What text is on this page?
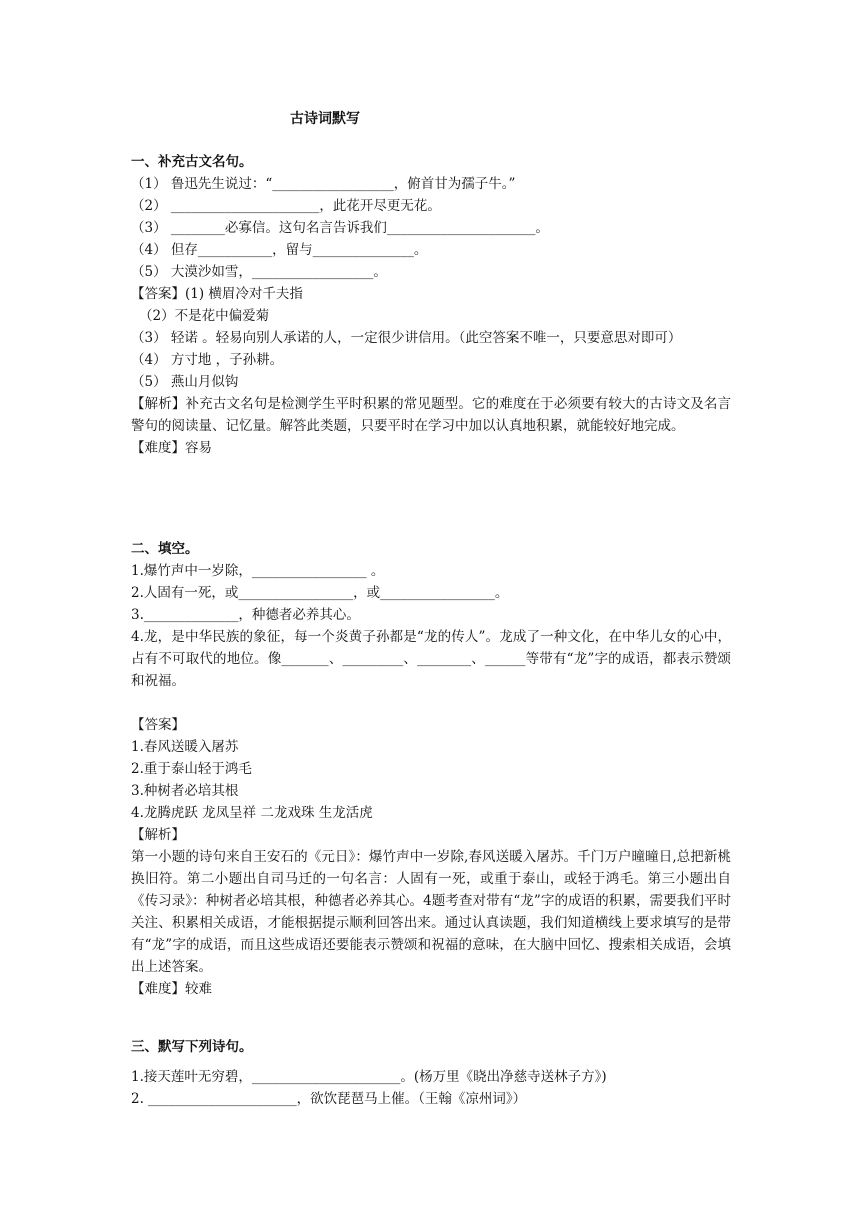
古诗词默写
一、补充古文名句。
（1） 鲁迅先生说过：“__________________，俯首甘为孺子牛。”
（2） ______________________，此花开尽更无花。
（3） ________必寡信。这句名言告诉我们______________________。
（4） 但存___________，留与_______________。
（5） 大漠沙如雪，__________________。
【答案】(1) 横眉冷对千夫指
（2）不是花中偏爱菊
（3） 轻诺 。轻易向别人承诺的人，一定很少讲信用。（此空答案不唯一，只要意思对即可）
（4） 方寸地 ，子孙耕。
（5） 燕山月似钩
【解析】补充古文名句是检测学生平时积累的常见题型。它的难度在于必须要有较大的古诗文及名言警句的阅读量、记忆量。解答此类题，只要平时在学习中加以认真地积累，就能较好地完成。
【难度】容易
二、填空。
1.爆竹声中一岁除，_________________ 。
2.人固有一死，或_________________，或_________________。
3.______________，种德者必养其心。
4.龙，是中华民族的象征，每一个炎黄子孙都是“龙的传人”。龙成了一种文化，在中华儿女的心中，占有不可取代的地位。像_______、_________、________、______等带有“龙”字的成语，都表示赞颂和祝福。
【答案】
1.春风送暖入屠苏
2.重于泰山轻于鸿毛
3.种树者必培其根
4.龙腾虎跃 龙凤呈祥 二龙戏珠 生龙活虎
【解析】
第一小题的诗句来自王安石的《元日》：爆竹声中一岁除,春风送暖入屠苏。千门万户曈曈日,总把新桃换旧符。第二小题出自司马迁的一句名言：人固有一死，或重于泰山，或轻于鸿毛。第三小题出自《传习录》：种树者必培其根，种德者必养其心。4题考查对带有“龙”字的成语的积累，需要我们平时关注、积累相关成语，才能根据提示顺利回答出来。通过认真读题，我们知道横线上要求填写的是带有“龙”字的成语，而且这些成语还要能表示赞颂和祝福的意味，在大脑中回忆、搜索相关成语，会填出上述答案。
【难度】较难
三、默写下列诗句。
1.接天莲叶无穷碧，______________________。(杨万里《晓出净慈寺送林子方》)
2. ______________________，欲饮琵琶马上催。（王翰《凉州词》）
